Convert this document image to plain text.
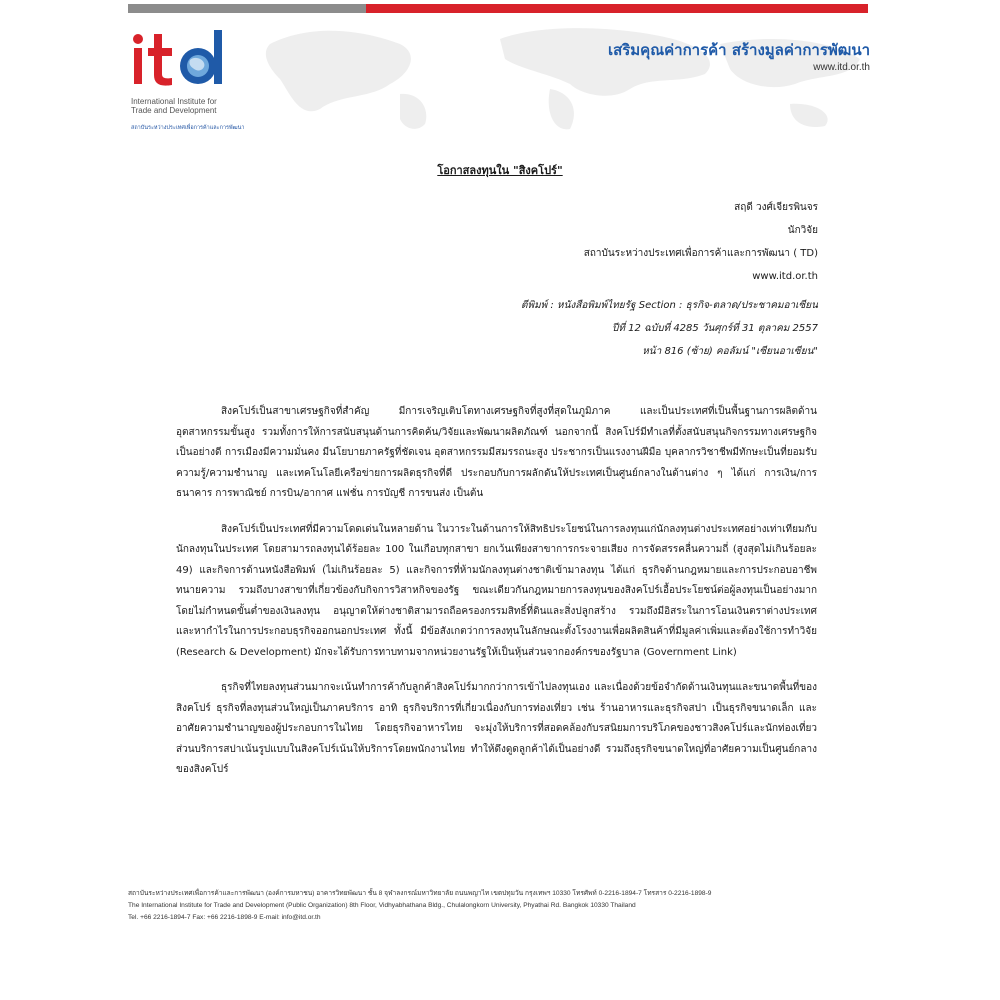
International Institute for
Trade and Development
สถาบันระหว่างประเทศเพื่อการค้าและการพัฒนา
เสริมคุณค่าการค้า สร้างมูลค่าการพัฒนา
www.itd.or.th
โอกาสลงทุนใน "สิงคโปร์"
สฤดี วงศ์เจียรพินจร
นักวิจัย
สถาบันระหว่างประเทศเพื่อการค้าและการพัฒนา ( TD)
www.itd.or.th
ตีพิมพ์ : หนังสือพิมพ์ไทยรัฐ Section : ธุรกิจ-ตลาด/ประชาคมอาเซียน
ปีที่ 12 ฉบับที่ 4285 วันศุกร์ที่ 31 ตุลาคม 2557
หน้า 816 (ซ้าย) คอลัมน์ "เซียนอาเซียน"

สิงคโปร์เป็นสาขาเศรษฐกิจที่สำคัญ มีการเจริญเติบโตทางเศรษฐกิจที่สูงที่สุดในภูมิภาค และเป็นประเทศที่เป็นพื้นฐานการผลิตด้านอุตสาหกรรมขั้นสูง รวมทั้งการให้การสนับสนุนด้านการคิดค้น/วิจัยและพัฒนาผลิตภัณฑ์ นอกจากนี้ สิงคโปร์มีทำเลที่ตั้งสนับสนุนกิจกรรมทางเศรษฐกิจเป็นอย่างดี การเมืองมีความมั่นคง มีนโยบายภาครัฐที่ชัดเจน อุตสาหกรรมมีสมรรถนะสูง ประชากรเป็นแรงงานฝีมือ บุคลากรวิชาชีพมีทักษะเป็นที่ยอมรับ ความรู้/ความชำนาญ และเทคโนโลยีเครือข่ายการผลิตธุรกิจที่ดี ประกอบกับการผลักดันให้ประเทศเป็นศูนย์กลางในด้านต่าง ๆ ได้แก่ การเงิน/การธนาคาร การพาณิชย์ การบิน/อากาศ แฟชั่น การบัญชี การขนส่ง เป็นต้น

สิงคโปร์เป็นประเทศที่มีความโดดเด่นในหลายด้าน ในวาระในด้านการให้สิทธิประโยชน์ในการลงทุนแก่นักลงทุนต่างประเทศอย่างเท่าเทียมกับนักลงทุนในประเทศ โดยสามารถลงทุนได้ร้อยละ 100 ในเกือบทุกสาขา ยกเว้นเพียงสาขาการกระจายเสียง การจัดสรรคลื่นความถี่ (สูงสุดไม่เกินร้อยละ 49) และกิจการด้านหนังสือพิมพ์ (ไม่เกินร้อยละ 5) และกิจการที่ห้ามนักลงทุนต่างชาติเข้ามาลงทุน ได้แก่ ธุรกิจด้านกฎหมายและการประกอบอาชีพ ทนายความ รวมถึงบางสาขาที่เกี่ยวข้องกับกิจการวิสาหกิจของรัฐ ขณะเดียวกันกฎหมายการลงทุนของสิงคโปร์เอื้อประโยชน์ต่อผู้ลงทุนเป็นอย่างมาก โดยไม่กำหนดขั้นต่ำของเงินลงทุน อนุญาตให้ต่างชาติสามารถถือครองกรรมสิทธิ์ที่ดินและสิ่งปลูกสร้าง รวมถึงมีอิสระในการโอนเงินตราต่างประเทศ และหากำไรในการประกอบธุรกิจออกนอกประเทศ ทั้งนี้ มีข้อสังเกตว่าการลงทุนในลักษณะตั้งโรงงานเพื่อผลิตสินค้าที่มีมูลค่าเพิ่มและต้องใช้การทำวิจัย (Research & Development) มักจะได้รับการทาบทามจากหน่วยงานรัฐให้เป็นหุ้นส่วนจากองค์กรของรัฐบาล (Government Link)

ธุรกิจที่ไทยลงทุนส่วนมากจะเน้นทำการค้ากับลูกค้าสิงคโปร์มากกว่าการเข้าไปลงทุนเอง และเนื่องด้วยข้อจำกัดด้านเงินทุนและขนาดพื้นที่ของสิงคโปร์ ธุรกิจที่ลงทุนส่วนใหญ่เป็นภาคบริการ อาทิ ธุรกิจบริการที่เกี่ยวเนื่องกับการท่องเที่ยว เช่น ร้านอาหารและธุรกิจสปา เป็นธุรกิจขนาดเล็ก และอาศัยความชำนาญของผู้ประกอบการในไทย โดยธุรกิจอาหารไทย จะมุ่งให้บริการที่สอดคล้องกับรสนิยมการบริโภคของชาวสิงคโปร์และนักท่องเที่ยว ส่วนบริการสปาเน้นรูปแบบในสิงคโปร์เน้นให้บริการโดยพนักงานไทย ทำให้ดึงดูดลูกค้าได้เป็นอย่างดี รวมถึงธุรกิจขนาดใหญ่ที่อาศัยความเป็นศูนย์กลางของสิงคโปร์

สถาบันระหว่างประเทศเพื่อการค้าและการพัฒนา (องค์การมหาชน) อาคารวิทยพัฒนา ชั้น 8 จุฬาลงกรณ์มหาวิทยาลัย ถนนพญาไท เขตปทุมวัน กรุงเทพฯ 10330 โทรศัพท์ 0-2216-1894-7 โทรสาร 0-2216-1898-9
The International Institute for Trade and Development (Public Organization) 8th Floor, Vidhyabhathana Bldg., Chulalongkorn University, Phyathai Rd. Bangkok 10330 Thailand
Tel. +66 2216-1894-7 Fax: +66 2216-1898-9 E-mail: info@itd.or.th
